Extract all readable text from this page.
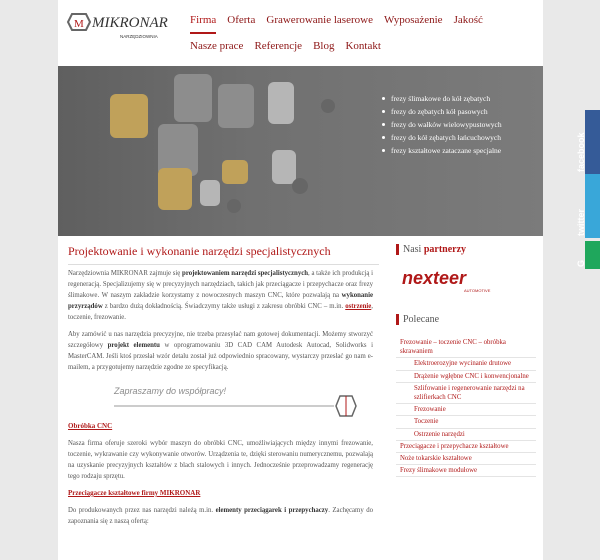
M MIKRONAR
NARZĘDZIOWNIA
Firma Oferta Grawerowanie laserowe Wyposażenie Jakość Nasze prace Referencje Blog Kontakt
frezy ślimakowe do kół zębatych
frezy do zębatych kół pasowych
frezy do wałków wielowypustowych
frezy do kół zębatych łańcuchowych
frezy kształtowe zataczane specjalne
Projektowanie i wykonanie narzędzi specjalistycznych

Narzędziownia MIKRONAR zajmuje się projektowaniem narzędzi specjalistycznych, a także ich produkcją i regeneracją. Specjalizujemy się w precyzyjnych narzędziach, takich jak przeciągacze i przepychacze oraz frezy ślimakowe. W naszym zakładzie korzystamy z nowoczesnych maszyn CNC, które pozwalają na wykonanie przyrządów z bardzo dużą dokładnością. Świadczymy także usługi z zakresu obróbki CNC – m.in. ostrzenie, toczenie, frezowanie.

Aby zamówić u nas narzędzia precyzyjne, nie trzeba przesyłać nam gotowej dokumentacji. Możemy stworzyć szczegółowy projekt elementu w oprogramowaniu 3D CAD CAM Autodesk Autocad, Solidworks i MasterCAM. Jeśli ktoś przesłał wzór detalu został już odpowiednio spracowany, wystarczy przesłać go nam e-mailem, a przygotujemy narzędzie zgodne ze specyfikacją.

Obróbka CNC

Nasza firma oferuje szeroki wybór maszyn do obróbki CNC, umożliwiających między innymi frezowanie, toczenie, wykrawanie czy wykonywanie otworów. Urządzenia te, dzięki sterowaniu numerycznemu, pozwalają na uzyskanie precyzyjnych kształtów z blach stalowych i innych. Jednocześnie przeprowadzamy regenerację tego rodzaju sprzętu.

Przeciągacze kształtowe firmy MIKRONAR

Do produkowanych przez nas narzędzi należą m.in. elementy przeciągarek i przepychaczy. Zachęcamy do zapoznania się z naszą ofertą:

Zapraszamy do współpracy!
Nasi partnerzy
nexteer
AUTOMOTIVE
Polecane
Frezowanie – toczenie CNC – obróbka skrawaniem
Elektroerozyjne wycinanie drutowe
Drążenie wgłębne CNC i konwencjonalne
Szlifowanie i regenerowanie narzędzi na szlifierkach CNC
Frezowanie
Toczenie
Ostrzenie narzędzi
Przeciągacze i przepychacze kształtowe
Noże tokarskie kształtowe
Frezy ślimakowe modułowe
facebook
twitter
G
